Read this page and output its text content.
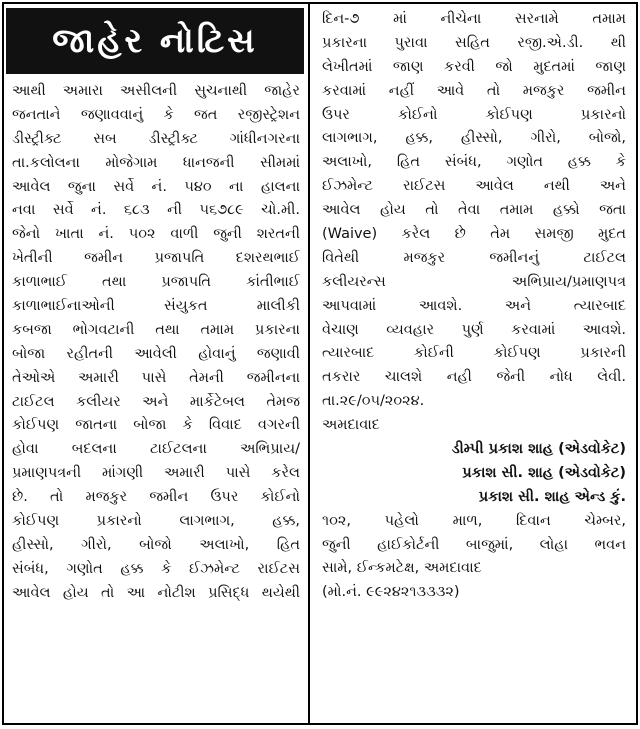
જાહેર નોટિસ
આથી અમારા અસીલની સુચનાથી જાહેર
જનતાને જણાવવાનું કે જત રજીસ્ટ્રેશન
ડીસ્ટ્રીક્ટ સબ ડીસ્ટ્રીક્ટ ગાંધીનગરના
તા.કલોલના મોજેગામ ધાનજની સીમમાં
આવેલ જુના સર્વે નં. ૫૪૦ ના હાલના
નવા સર્વે નં. ૬૮૩ ની ૫૬૭૮૯ ચો.મી.
જેનો ખાતા નં. ૫૦૨ વાળી જુની શરતની
ખેતીની જમીન પ્રજાપતિ દશરથભાઈ
કાળાભાઈ તથા પ્રજાપતિ કાંતીભાઈ
કાળાભાઈનાઓની સંયુકત માલીકી
કબજા ભોગવટાની તથા તમામ પ્રકારના
બોજા રહીતની આવેલી હોવાનું જણાવી
તેઓએ અમારી પાસે તેમની જમીનના
ટાઈટલ કલીયર અને માર્કેટેબલ તેમજ
કોઈપણ જાતના બોજા કે વિવાદ વગરની
હોવા બદલના ટાઈટલના અભિપ્રાય/
પ્રમાણપત્રની માંગણી અમારી પાસે કરેલ
છે. તો મજકુર જમીન ઉપર કોઈનો
કોઈપણ પ્રકારનો લાગભાગ, હક્ક,
હીસ્સો, ગીરો, બોજો અલાખો, હિત
સંબંધ, ગણોત હક્ક કે ઈઝમેન્ટ રાઈટસ
આવેલ હોય તો આ નોટીશ પ્રસિદ્ધ થયેથી
દિન-૭ માં નીચેના સરનામે તમામ
પ્રકારના પુરાવા સહિત રજી.એ.ડી. થી
લેખીતમાં જાણ કરવી જો મુદતમાં જાણ
કરવામાં નહીં આવે તો મજકુર જમીન
ઉપર કોઈનો કોઈપણ પ્રકારનો
લાગભાગ, હક્ક, હીસ્સો, ગીરો, બોજો,
અલાખો, હિત સંબંધ, ગણોત હક્ક કે
ઈઝમેન્ટ રાઈટસ આવેલ નથી અને
આવેલ હોય તો તેવા તમામ હક્કો જતા
(Waive) કરેલ છે તેમ સમજી મુદત
વિતેથી મજકુર જમીનનું ટાઈટલ
કલીયરન્સ અભિપ્રાય/પ્રમાણપત્ર
આપવામાં આવશે. અને ત્યારબાદ
વેચાણ વ્યવહાર પુર્ણ કરવામાં આવશે.
ત્યારબાદ કોઈની કોઈપણ પ્રકારની
તકરાર ચાલશે નહી જેની નોધ લેવી.
તા.૨૯/૦૫/૨૦૨૪.
અમદાવાદ
ડીમ્પી પ્રકાશ શાહ (એડવોકેટ)
પ્રકાશ સી. શાહ (એડવોકેટ)
પ્રકાશ સી. શાહ એન્ડ કું.
૧૦૨, પહેલો માળ, દિવાન ચેમ્બર,
જુની હાઈકોર્ટની બાજુમાં, લોહા ભવન
સામે, ઈન્કમટેક્ષ, અમદાવાદ
(મો.નં. ૯૯૨૪૨૧૩૩૩૨)
